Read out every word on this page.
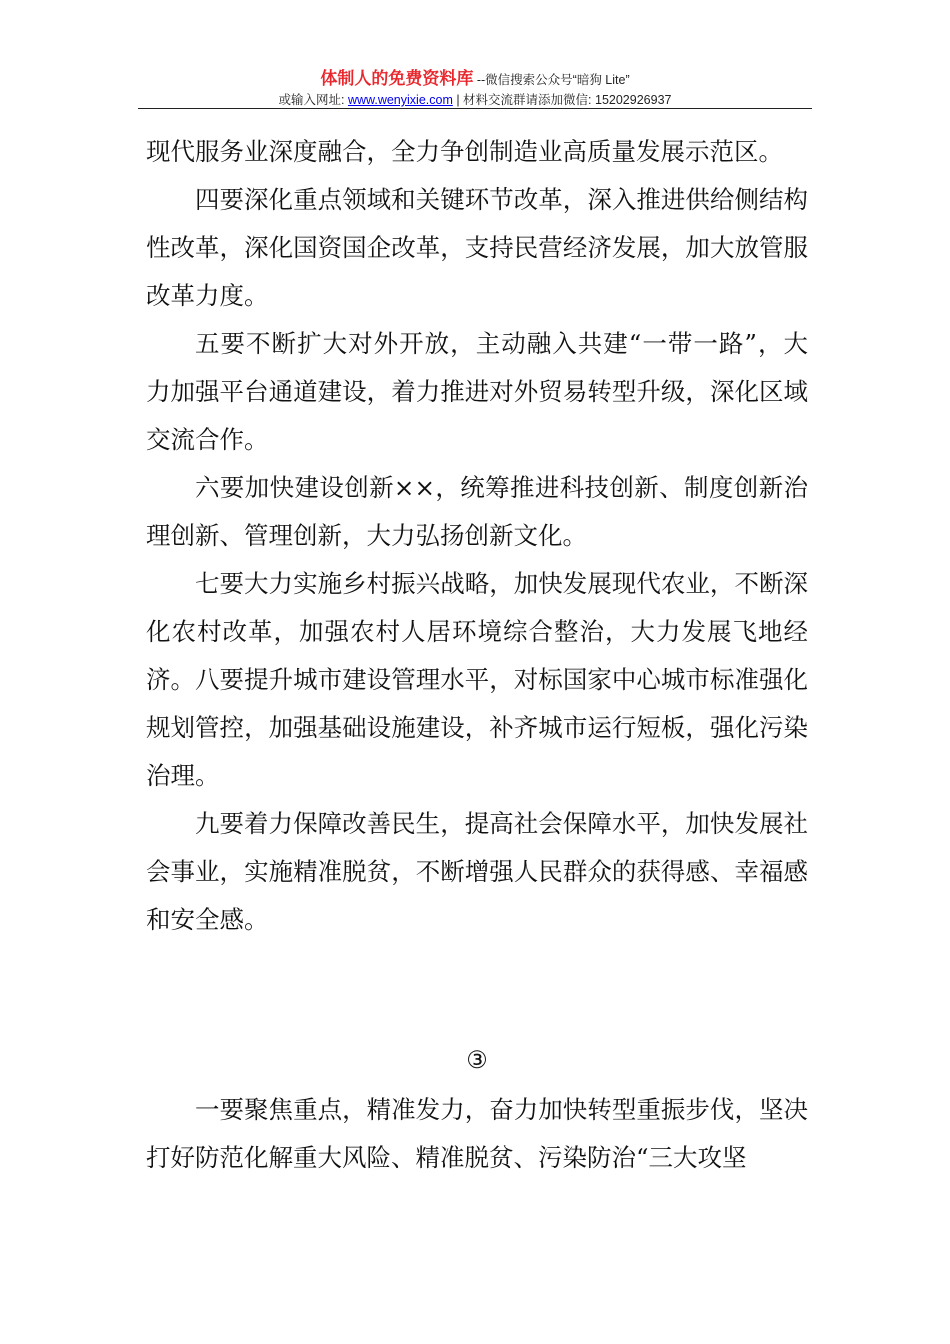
体制人的免费资料库 --微信搜索公众号“暗狗 Lite”
或输入网址: www.wenyixie.com | 材料交流群请添加微信: 15202926937

现代服务业深度融合，全力争创制造业高质量发展示范区。

四要深化重点领域和关键环节改革，深入推进供给侧结构性改革，深化国资国企改革，支持民营经济发展，加大放管服改革力度。

五要不断扩大对外开放，主动融入共建“一带一路”，大力加强平台通道建设，着力推进对外贸易转型升级，深化区域交流合作。

六要加快建设创新××，统筹推进科技创新、制度创新治理创新、管理创新，大力弘扬创新文化。

七要大力实施乡村振兴战略，加快发展现代农业，不断深化农村改革，加强农村人居环境综合整治，大力发展飞地经济。八要提升城市建设管理水平，对标国家中心城市标准强化规划管控，加强基础设施建设，补齐城市运行短板，强化污染治理。

九要着力保障改善民生，提高社会保障水平，加快发展社会事业，实施精准脱贫，不断增强人民群众的获得感、幸福感和安全感。

③

一要聚焦重点，精准发力，奋力加快转型重振步伐，坚决打好防范化解重大风险、精准脱贫、污染防治“三大攻坚
